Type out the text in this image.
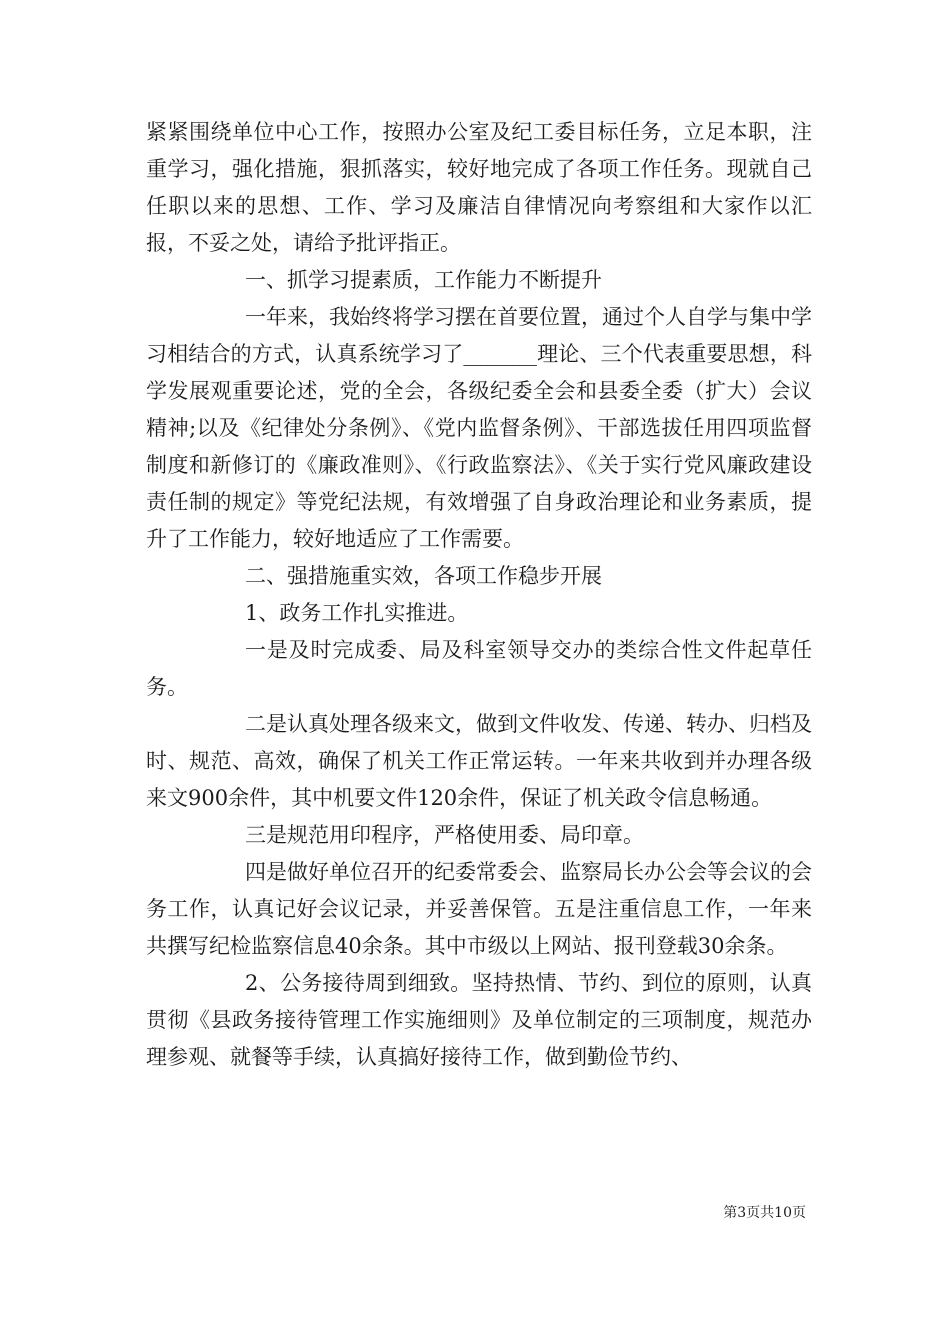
紧紧围绕单位中心工作，按照办公室及纪工委目标任务，立足本职，注重学习，强化措施，狠抓落实，较好地完成了各项工作任务。现就自己任职以来的思想、工作、学习及廉洁自律情况向考察组和大家作以汇报，不妥之处，请给予批评指正。

一、抓学习提素质，工作能力不断提升

一年来，我始终将学习摆在首要位置，通过个人自学与集中学习相结合的方式，认真系统学习了_______理论、三个代表重要思想，科学发展观重要论述，党的全会，各级纪委全会和县委全委（扩大）会议精神;以及《纪律处分条例》、《党内监督条例》、干部选拔任用四项监督制度和新修订的《廉政准则》、《行政监察法》、《关于实行党风廉政建设责任制的规定》等党纪法规，有效增强了自身政治理论和业务素质，提升了工作能力，较好地适应了工作需要。

二、强措施重实效，各项工作稳步开展

1、政务工作扎实推进。

一是及时完成委、局及科室领导交办的类综合性文件起草任务。

二是认真处理各级来文，做到文件收发、传递、转办、归档及时、规范、高效，确保了机关工作正常运转。一年来共收到并办理各级来文900余件，其中机要文件120余件，保证了机关政令信息畅通。

三是规范用印程序，严格使用委、局印章。

四是做好单位召开的纪委常委会、监察局长办公会等会议的会务工作，认真记好会议记录，并妥善保管。五是注重信息工作，一年来共撰写纪检监察信息40余条。其中市级以上网站、报刊登载30余条。

2、公务接待周到细致。坚持热情、节约、到位的原则，认真贯彻《县政务接待管理工作实施细则》及单位制定的三项制度，规范办理参观、就餐等手续，认真搞好接待工作，做到勤俭节约、

第3页共10页
